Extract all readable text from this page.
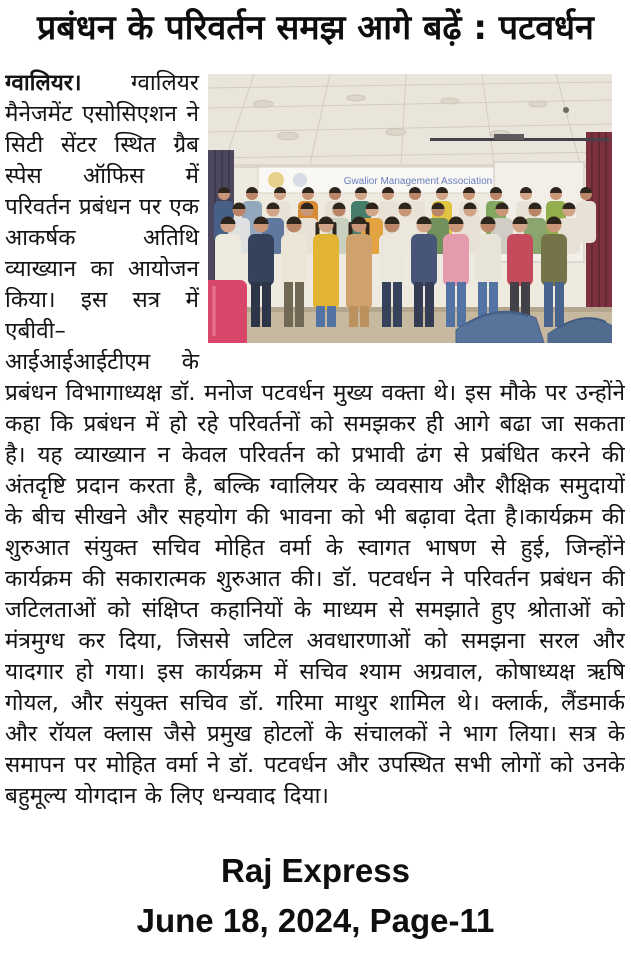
प्रबंधन के परिवर्तन समझ आगे बढ़ें : पटवर्धन
Gwalior Management Association

ग्वालियर। ग्वालियर मैनेजमेंट एसोसिएशन ने सिटी सेंटर स्थित ग्रैब स्पेस ऑफिस में परिवर्तन प्रबंधन पर एक आकर्षक अतिथि व्याख्यान का आयोजन किया। इस सत्र में एबीवी–आईआईआईटीएम के प्रबंधन विभागाध्यक्ष डॉ. मनोज पटवर्धन मुख्य वक्ता थे। इस मौके पर उन्होंने कहा कि प्रबंधन में हो रहे परिवर्तनों को समझकर ही आगे बढा जा सकता है। यह व्याख्यान न केवल परिवर्तन को प्रभावी ढंग से प्रबंधित करने की अंतदृष्टि प्रदान करता है, बल्कि ग्वालियर के व्यवसाय और शैक्षिक समुदायों के बीच सीखने और सहयोग की भावना को भी बढ़ावा देता है।कार्यक्रम की शुरुआत संयुक्त सचिव मोहित वर्मा के स्वागत भाषण से हुई, जिन्होंने कार्यक्रम की सकारात्मक शुरुआत की। डॉ. पटवर्धन ने परिवर्तन प्रबंधन की जटिलताओं को संक्षिप्त कहानियों के माध्यम से समझाते हुए श्रोताओं को मंत्रमुग्ध कर दिया, जिससे जटिल अवधारणाओं को समझना सरल और यादगार हो गया। इस कार्यक्रम में सचिव श्याम अग्रवाल, कोषाध्यक्ष ऋषि गोयल, और संयुक्त सचिव डॉ. गरिमा माथुर शामिल थे। क्लार्क, लैंडमार्क और रॉयल क्लास जैसे प्रमुख होटलों के संचालकों ने भाग लिया। सत्र के समापन पर मोहित वर्मा ने डॉ. पटवर्धन और उपस्थित सभी लोगों को उनके बहुमूल्य योगदान के लिए धन्यवाद दिया।

Raj Express

June 18, 2024, Page-11
